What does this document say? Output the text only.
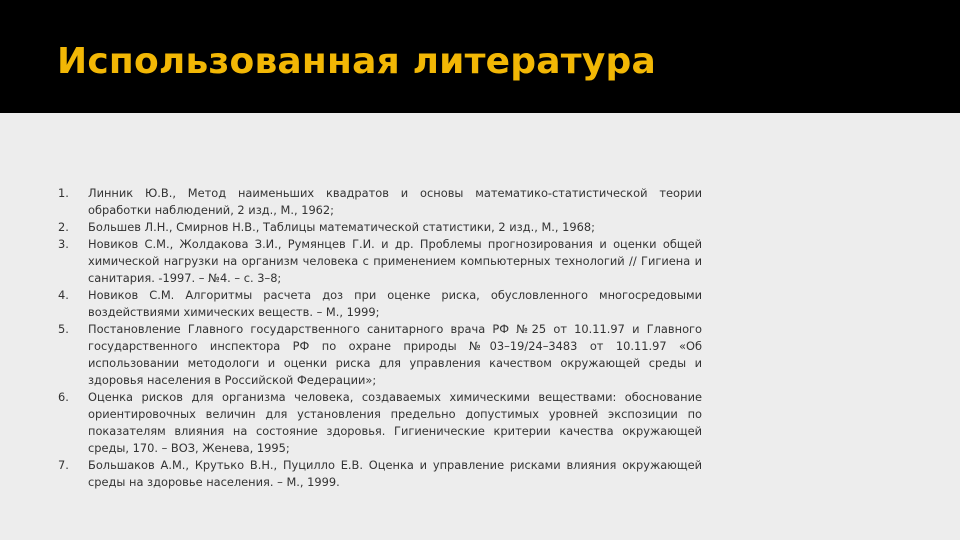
Использованная литература
1.	Линник Ю.В., Метод наименьших квадратов и основы математико-статистической теории обработки наблюдений, 2 изд., М., 1962;
2.	Большев Л.Н., Смирнов Н.В., Таблицы математической статистики, 2 изд., М., 1968;
3.	Новиков С.М., Жолдакова З.И., Румянцев Г.И. и др. Проблемы прогнозирования и оценки общей химической нагрузки на организм человека с применением компьютерных технологий // Гигиена и санитария. -1997. – №4. – с. 3–8;
4.	Новиков С.М. Алгоритмы расчета доз при оценке риска, обусловленного многосредовыми воздействиями химических веществ. – М., 1999;
5.	Постановление Главного государственного санитарного врача РФ №25 от 10.11.97 и Главного государственного инспектора РФ по охране природы №03–19/24–3483 от 10.11.97 «Об использовании методологи и оценки риска для управления качеством окружающей среды и здоровья населения в Российской Федерации»;
6.	Оценка рисков для организма человека, создаваемых химическими веществами: обоснование ориентировочных величин для установления предельно допустимых уровней экспозиции по показателям влияния на состояние здоровья. Гигиенические критерии качества окружающей среды, 170. – ВОЗ, Женева, 1995;
7.	Большаков А.М., Крутько В.Н., Пуцилло Е.В. Оценка и управление рисками влияния окружающей среды на здоровье населения. – М., 1999.
